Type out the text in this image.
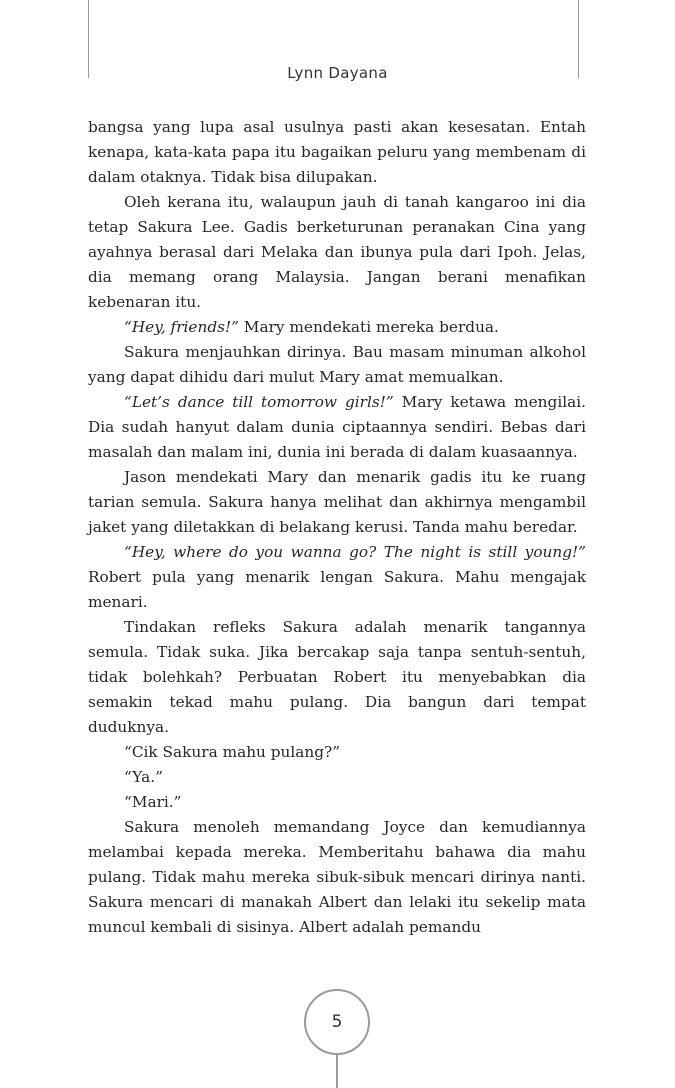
Lynn Dayana

bangsa yang lupa asal usulnya pasti akan kesesatan. Entah kenapa, kata-kata papa itu bagaikan peluru yang membenam di dalam otaknya. Tidak bisa dilupakan.

Oleh kerana itu, walaupun jauh di tanah kangaroo ini dia tetap Sakura Lee. Gadis berketurunan peranakan Cina yang ayahnya berasal dari Melaka dan ibunya pula dari Ipoh. Jelas, dia memang orang Malaysia. Jangan berani menafikan kebenaran itu.

“Hey, friends!” Mary mendekati mereka berdua.

Sakura menjauhkan dirinya. Bau masam minuman alkohol yang dapat dihidu dari mulut Mary amat memualkan.

“Let’s dance till tomorrow girls!” Mary ketawa mengilai. Dia sudah hanyut dalam dunia ciptaannya sendiri. Bebas dari masalah dan malam ini, dunia ini berada di dalam kuasaannya.

Jason mendekati Mary dan menarik gadis itu ke ruang tarian semula. Sakura hanya melihat dan akhirnya mengambil jaket yang diletakkan di belakang kerusi. Tanda mahu beredar.

“Hey, where do you wanna go? The night is still young!” Robert pula yang menarik lengan Sakura. Mahu mengajak menari.

Tindakan refleks Sakura adalah menarik tangannya semula. Tidak suka. Jika bercakap saja tanpa sentuh-sentuh, tidak bolehkah? Perbuatan Robert itu menyebabkan dia semakin tekad mahu pulang. Dia bangun dari tempat duduknya.

“Cik Sakura mahu pulang?”

“Ya.”

“Mari.”

Sakura menoleh memandang Joyce dan kemudiannya melambai kepada mereka. Memberitahu bahawa dia mahu pulang. Tidak mahu mereka sibuk-sibuk mencari dirinya nanti. Sakura mencari di manakah Albert dan lelaki itu sekelip mata muncul kembali di sisinya. Albert adalah pemandu

5
